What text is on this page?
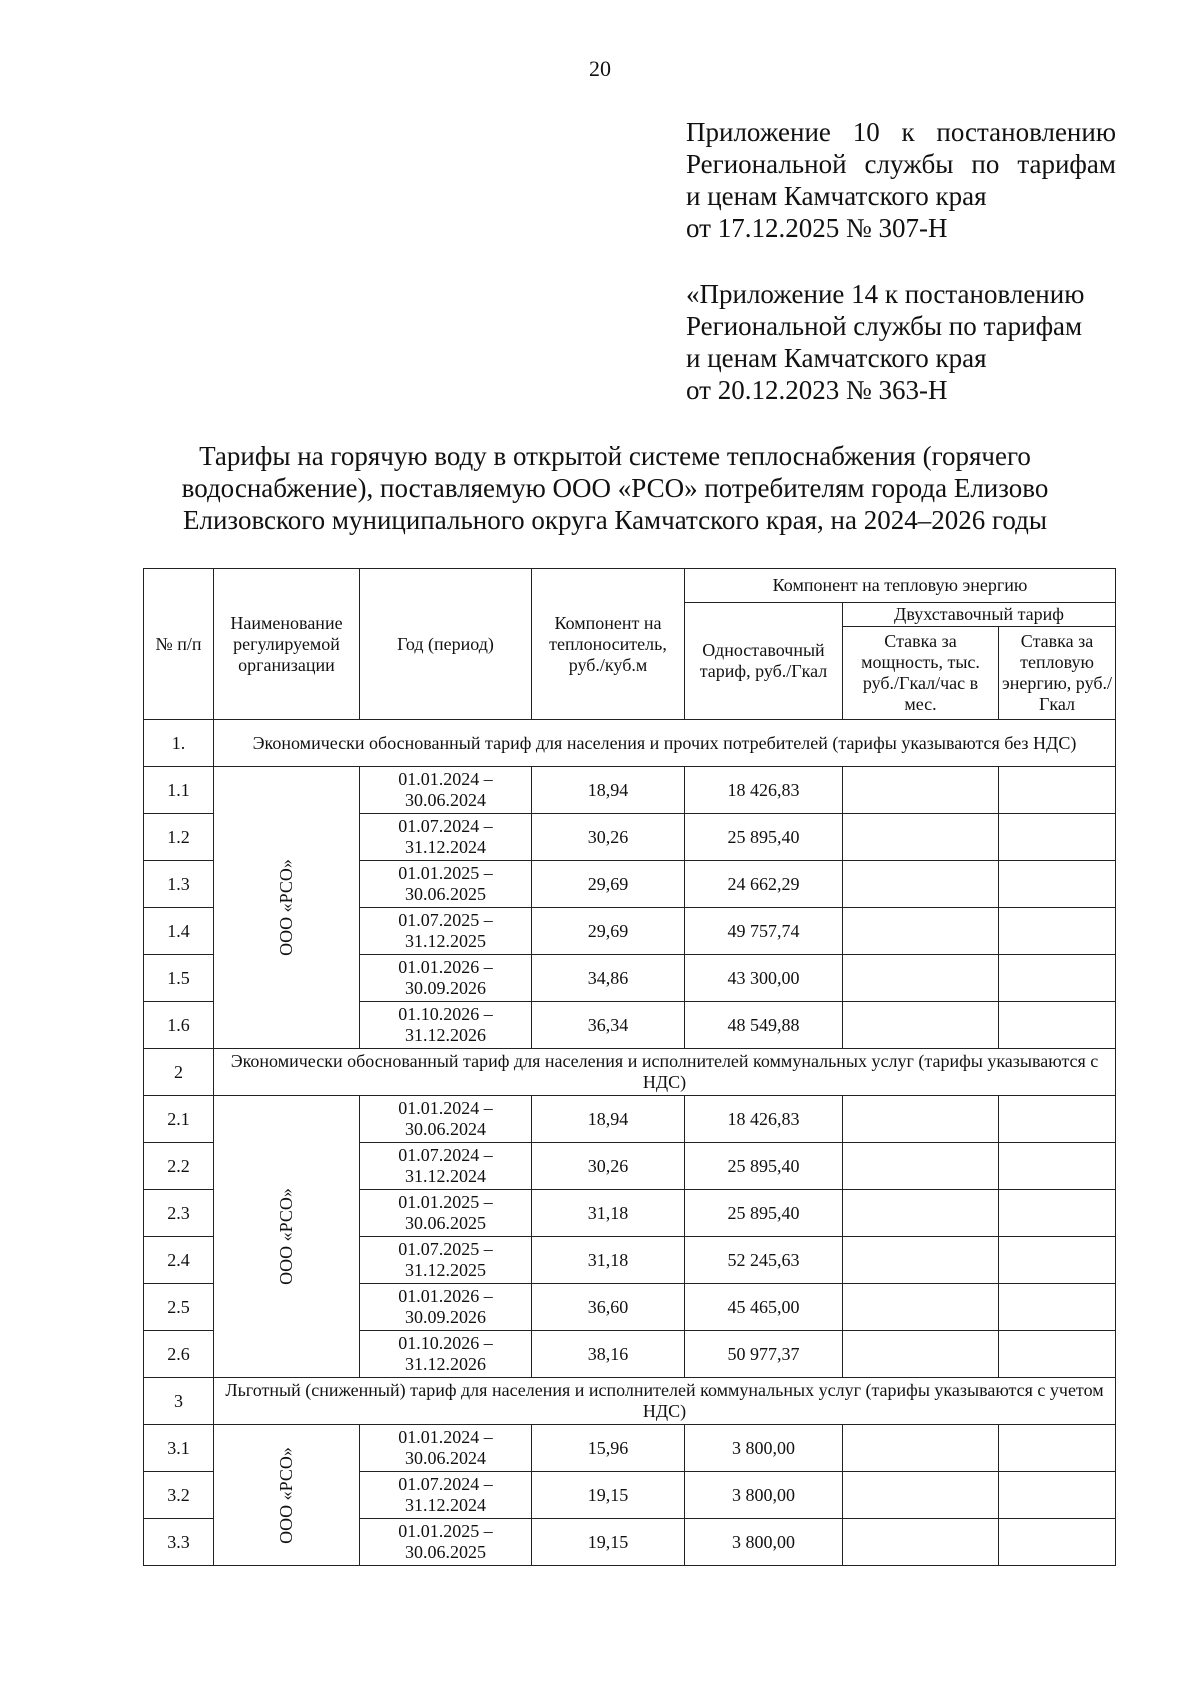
20
Приложение 10 к постановлению
Региональной службы по тарифам
и ценам Камчатского края
от 17.12.2025 № 307-Н
«Приложение 14 к постановлению
Региональной службы по тарифам
и ценам Камчатского края
от 20.12.2023 № 363-Н
Тарифы на горячую воду в открытой системе теплоснабжения (горячего
водоснабжение), поставляемую ООО «РСО» потребителям города Елизово
Елизовского муниципального округа Камчатского края, на 2024–2026 годы
№ п/п	Наименование регулируемой организации	Год (период)	Компонент на теплоноситель, руб./куб.м	Компонент на тепловую энергию		
				Одноставочный тариф, руб./Гкал	Двухставочный тариф	
					Ставка за мощность, тыс. руб./Гкал/час в мес.	Ставка за тепловую энергию, руб./Гкал
1.	Экономически обоснованный тариф для населения и прочих потребителей (тарифы указываются без НДС)					
1.1	ООО «РСО»	01.01.2024 –
30.06.2024	18,94	18 426,83		
1.2		01.07.2024 –
31.12.2024	30,26	25 895,40		
1.3		01.01.2025 –
30.06.2025	29,69	24 662,29		
1.4		01.07.2025 –
31.12.2025	29,69	49 757,74		
1.5		01.01.2026 –
30.09.2026	34,86	43 300,00		
1.6		01.10.2026 –
31.12.2026	36,34	48 549,88		
2	Экономически обоснованный тариф для населения и исполнителей коммунальных услуг (тарифы указываются с НДС)					
2.1	ООО «РСО»	01.01.2024 –
30.06.2024	18,94	18 426,83		
2.2		01.07.2024 –
31.12.2024	30,26	25 895,40		
2.3		01.01.2025 –
30.06.2025	31,18	25 895,40		
2.4		01.07.2025 –
31.12.2025	31,18	52 245,63		
2.5		01.01.2026 –
30.09.2026	36,60	45 465,00		
2.6		01.10.2026 –
31.12.2026	38,16	50 977,37		
3	Льготный (сниженный) тариф для населения и исполнителей коммунальных услуг (тарифы указываются с учетом НДС)					
3.1	ООО «РСО»	01.01.2024 –
30.06.2024	15,96	3 800,00		
3.2		01.07.2024 –
31.12.2024	19,15	3 800,00		
3.3		01.01.2025 –
30.06.2025	19,15	3 800,00		
